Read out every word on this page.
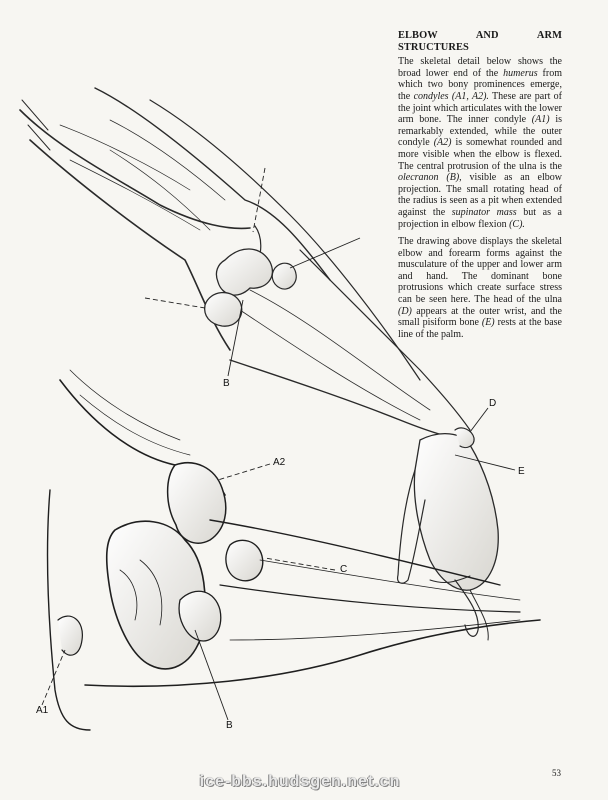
ELBOW AND ARM STRUCTURES

The skeletal detail below shows the broad lower end of the humerus from which two bony prominences emerge, the condyles (A1, A2). These are part of the joint which articulates with the lower arm bone. The inner condyle (A1) is remarkably extended, while the outer condyle (A2) is somewhat rounded and more visible when the elbow is flexed. The central protrusion of the ulna is the olecranon (B), visible as an elbow projection. The small rotating head of the radius is seen as a pit when extended against the supinator mass but as a projection in elbow flexion (C).

The drawing above displays the skeletal elbow and forearm forms against the musculature of the upper and lower arm and hand. The dominant bone protrusions which create surface stress can be seen here. The head of the ulna (D) appears at the outer wrist, and the small pisiform bone (E) rests at the base line of the palm.

B
D
E
A2
C
A1
B
53
ice-bbs.hudsgen.net.cn
